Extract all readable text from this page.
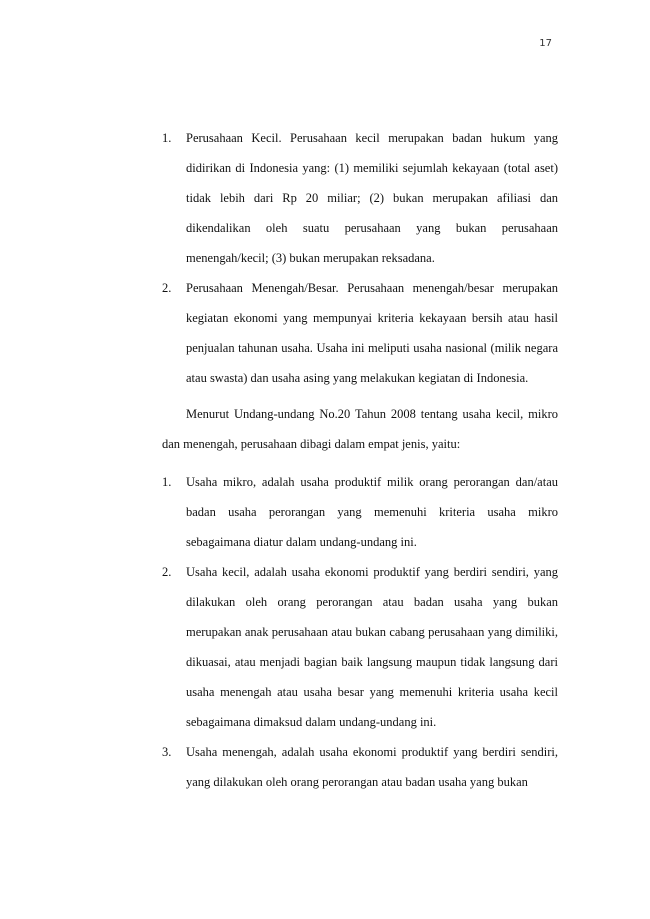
17
1.	Perusahaan Kecil. Perusahaan kecil merupakan badan hukum yang didirikan di Indonesia yang: (1) memiliki sejumlah kekayaan (total aset) tidak lebih dari Rp 20 miliar; (2) bukan merupakan afiliasi dan dikendalikan oleh suatu perusahaan yang bukan perusahaan menengah/kecil; (3) bukan merupakan reksadana.
2.	Perusahaan Menengah/Besar. Perusahaan menengah/besar merupakan kegiatan ekonomi yang mempunyai kriteria kekayaan bersih atau hasil penjualan tahunan usaha. Usaha ini meliputi usaha nasional (milik negara atau swasta) dan usaha asing yang melakukan kegiatan di Indonesia.

Menurut Undang-undang No.20 Tahun 2008 tentang usaha kecil, mikro dan menengah, perusahaan dibagi dalam empat jenis, yaitu:

1.	Usaha mikro, adalah usaha produktif milik orang perorangan dan/atau badan usaha perorangan yang memenuhi kriteria usaha mikro sebagaimana diatur dalam undang-undang ini.
2.	Usaha kecil, adalah usaha ekonomi produktif yang berdiri sendiri, yang dilakukan oleh orang perorangan atau badan usaha yang bukan merupakan anak perusahaan atau bukan cabang perusahaan yang dimiliki, dikuasai, atau menjadi bagian baik langsung maupun tidak langsung dari usaha menengah atau usaha besar yang memenuhi kriteria usaha kecil sebagaimana dimaksud dalam undang-undang ini.
3.	Usaha menengah, adalah usaha ekonomi produktif yang berdiri sendiri, yang dilakukan oleh orang perorangan atau badan usaha yang bukan
